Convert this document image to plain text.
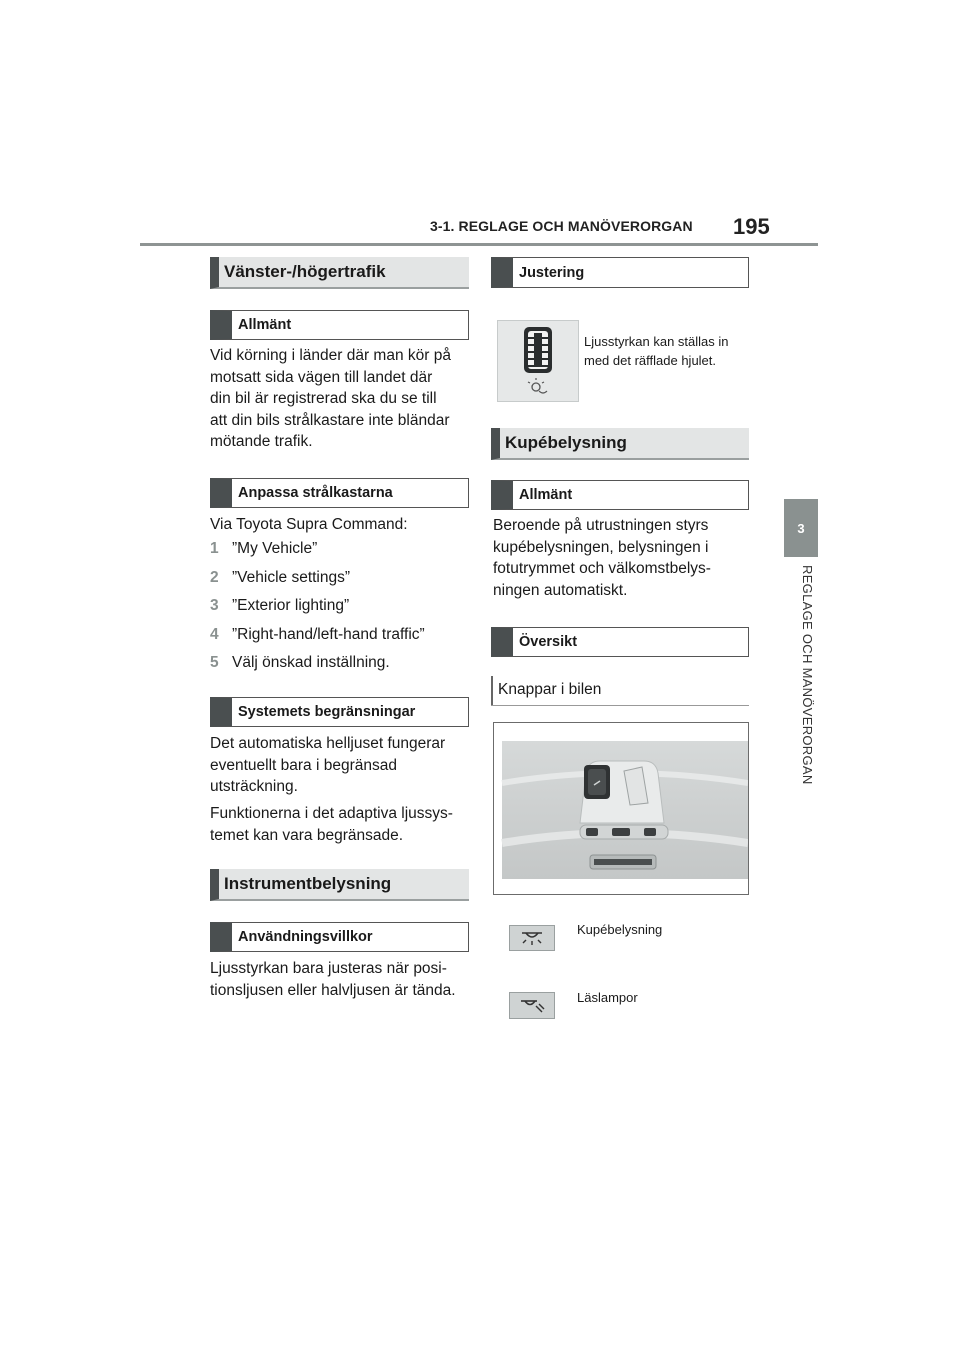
3-1. REGLAGE OCH MANÖVERORGAN 195
3
REGLAGE OCH MANÖVERORGAN
Vänster-/högertrafik
Allmänt
Vid körning i länder där man kör på
motsatt sida vägen till landet där
din bil är registrerad ska du se till
att din bils strålkastare inte bländar
mötande trafik.
Anpassa strålkastarna
Via Toyota Supra Command:
1 ”My Vehicle”
2 ”Vehicle settings”
3 ”Exterior lighting”
4 ”Right-hand/left-hand traffic”
5 Välj önskad inställning.
Systemets begränsningar
Det automatiska helljuset fungerar
eventuellt bara i begränsad
utsträckning.
Funktionerna i det adaptiva ljussys-
temet kan vara begränsade.
Instrumentbelysning
Användningsvillkor
Ljusstyrkan bara justeras när posi-
tionsljusen eller halvljusen är tända.
Justering
Ljusstyrkan kan ställas in
med det räfflade hjulet.
Kupébelysning
Allmänt
Beroende på utrustningen styrs
kupébelysningen, belysningen i
fotutrymmet och välkomstbelys-
ningen automatiskt.
Översikt
Knappar i bilen
Kupébelysning
Läslampor
